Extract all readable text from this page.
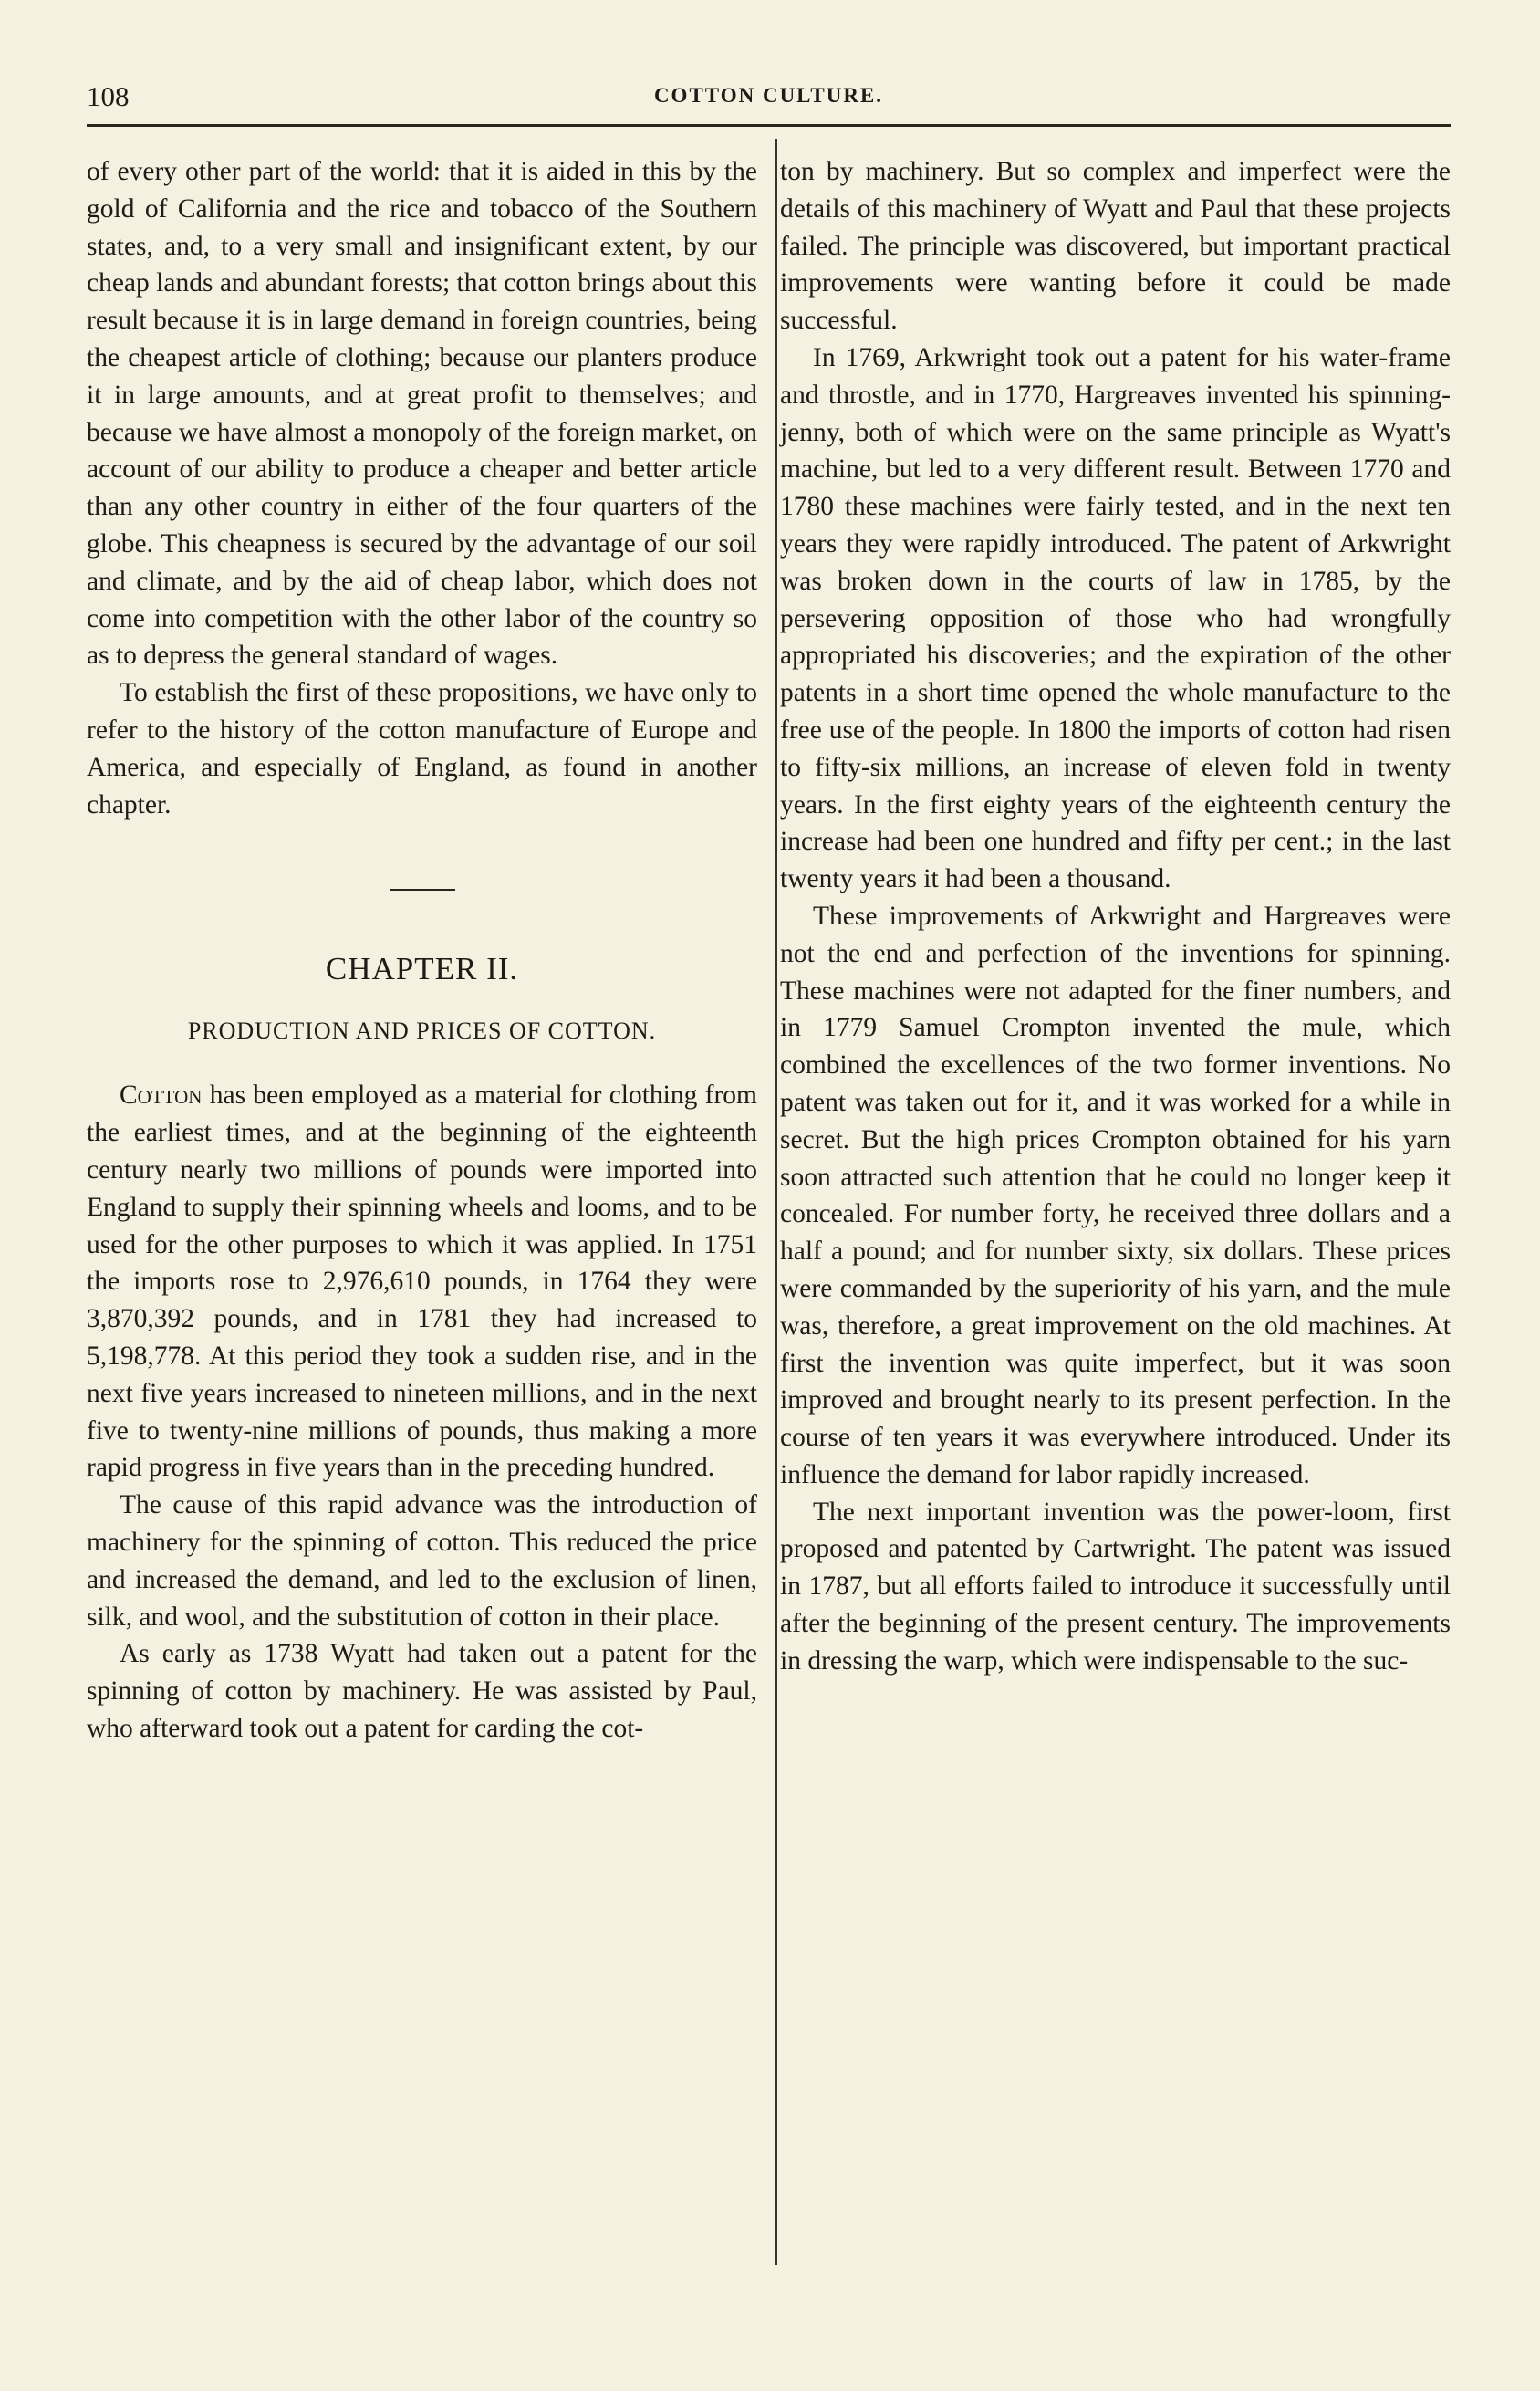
108	COTTON CULTURE.

of every other part of the world: that it is aided in this by the gold of California and the rice and tobacco of the Southern states, and, to a very small and insignificant extent, by our cheap lands and abundant forests; that cotton brings about this result because it is in large demand in foreign countries, being the cheapest article of clothing; because our planters produce it in large amounts, and at great profit to themselves; and because we have almost a monopoly of the foreign market, on account of our ability to produce a cheaper and better article than any other country in either of the four quarters of the globe. This cheapness is secured by the advantage of our soil and climate, and by the aid of cheap labor, which does not come into competition with the other labor of the country so as to depress the general standard of wages.

To establish the first of these propositions, we have only to refer to the history of the cotton manufacture of Europe and America, and especially of England, as found in another chapter.

CHAPTER II.
PRODUCTION AND PRICES OF COTTON.

Cotton has been employed as a material for clothing from the earliest times, and at the beginning of the eighteenth century nearly two millions of pounds were imported into England to supply their spinning wheels and looms, and to be used for the other purposes to which it was applied. In 1751 the imports rose to 2,976,610 pounds, in 1764 they were 3,870,392 pounds, and in 1781 they had increased to 5,198,778. At this period they took a sudden rise, and in the next five years increased to nineteen millions, and in the next five to twenty-nine millions of pounds, thus making a more rapid progress in five years than in the preceding hundred.

The cause of this rapid advance was the introduction of machinery for the spinning of cotton. This reduced the price and increased the demand, and led to the exclusion of linen, silk, and wool, and the substitution of cotton in their place.

As early as 1738 Wyatt had taken out a patent for the spinning of cotton by machinery. He was assisted by Paul, who afterward took out a patent for carding the cot-

ton by machinery. But so complex and imperfect were the details of this machinery of Wyatt and Paul that these projects failed. The principle was discovered, but important practical improvements were wanting before it could be made successful.

In 1769, Arkwright took out a patent for his water-frame and throstle, and in 1770, Hargreaves invented his spinning-jenny, both of which were on the same principle as Wyatt's machine, but led to a very different result. Between 1770 and 1780 these machines were fairly tested, and in the next ten years they were rapidly introduced. The patent of Arkwright was broken down in the courts of law in 1785, by the persevering opposition of those who had wrongfully appropriated his discoveries; and the expiration of the other patents in a short time opened the whole manufacture to the free use of the people. In 1800 the imports of cotton had risen to fifty-six millions, an increase of eleven fold in twenty years. In the first eighty years of the eighteenth century the increase had been one hundred and fifty per cent.; in the last twenty years it had been a thousand.

These improvements of Arkwright and Hargreaves were not the end and perfection of the inventions for spinning. These machines were not adapted for the finer numbers, and in 1779 Samuel Crompton invented the mule, which combined the excellences of the two former inventions. No patent was taken out for it, and it was worked for a while in secret. But the high prices Crompton obtained for his yarn soon attracted such attention that he could no longer keep it concealed. For number forty, he received three dollars and a half a pound; and for number sixty, six dollars. These prices were commanded by the superiority of his yarn, and the mule was, therefore, a great improvement on the old machines. At first the invention was quite imperfect, but it was soon improved and brought nearly to its present perfection. In the course of ten years it was everywhere introduced. Under its influence the demand for labor rapidly increased.

The next important invention was the power-loom, first proposed and patented by Cartwright. The patent was issued in 1787, but all efforts failed to introduce it successfully until after the beginning of the present century. The improvements in dressing the warp, which were indispensable to the suc-
